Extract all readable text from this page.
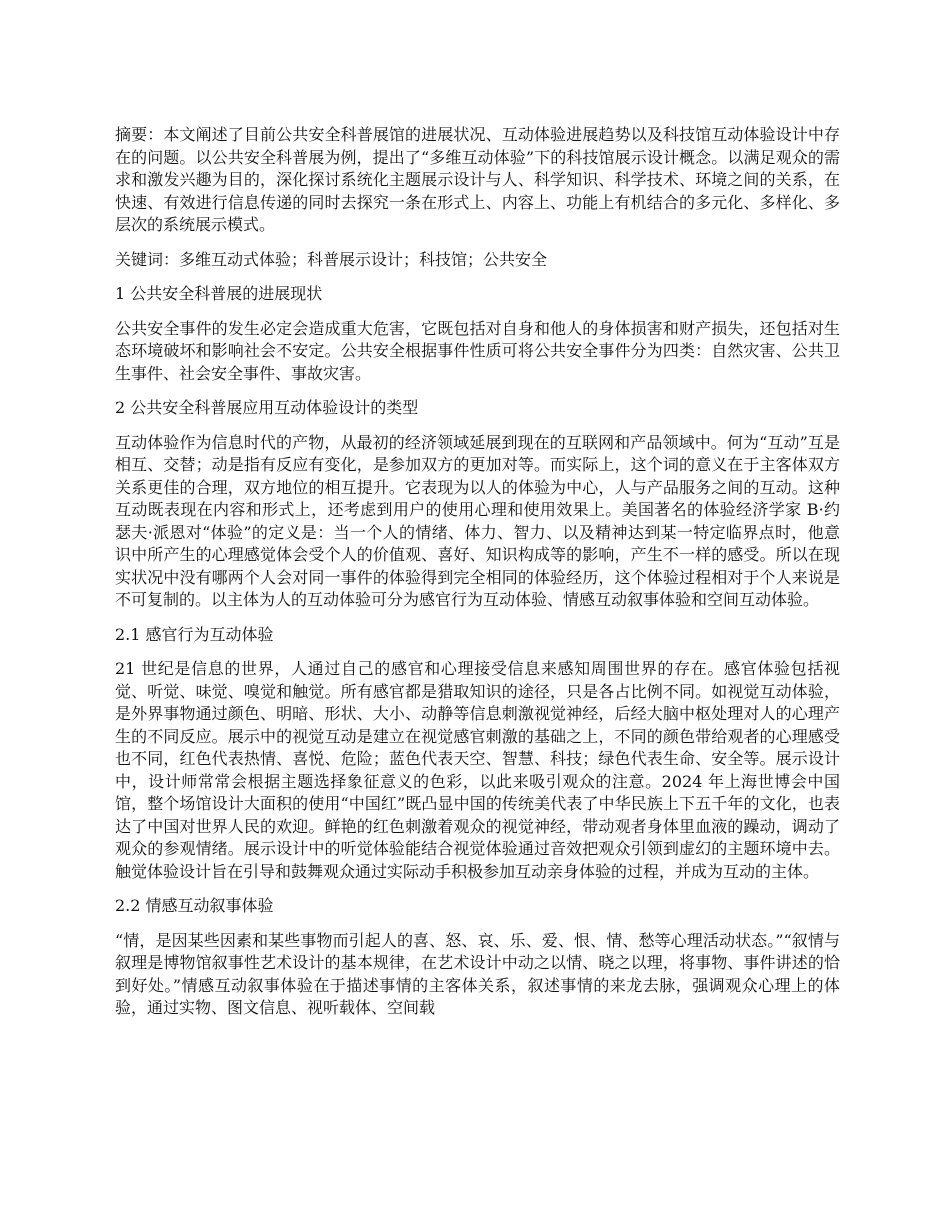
摘要：本文阐述了目前公共安全科普展馆的进展状况、互动体验进展趋势以及科技馆互动体验设计中存在的问题。以公共安全科普展为例，提出了“多维互动体验”下的科技馆展示设计概念。以满足观众的需求和激发兴趣为目的，深化探讨系统化主题展示设计与人、科学知识、科学技术、环境之间的关系，在快速、有效进行信息传递的同时去探究一条在形式上、内容上、功能上有机结合的多元化、多样化、多层次的系统展示模式。

关键词：多维互动式体验；科普展示设计；科技馆；公共安全

1 公共安全科普展的进展现状

公共安全事件的发生必定会造成重大危害，它既包括对自身和他人的身体损害和财产损失，还包括对生态环境破坏和影响社会不安定。公共安全根据事件性质可将公共安全事件分为四类：自然灾害、公共卫生事件、社会安全事件、事故灾害。

2 公共安全科普展应用互动体验设计的类型

互动体验作为信息时代的产物，从最初的经济领域延展到现在的互联网和产品领域中。何为“互动”互是相互、交替；动是指有反应有变化，是参加双方的更加对等。而实际上，这个词的意义在于主客体双方关系更佳的合理，双方地位的相互提升。它表现为以人的体验为中心，人与产品服务之间的互动。这种互动既表现在内容和形式上，还考虑到用户的使用心理和使用效果上。美国著名的体验经济学家 B·约瑟夫·派恩对“体验”的定义是：当一个人的情绪、体力、智力、以及精神达到某一特定临界点时，他意识中所产生的心理感觉体会受个人的价值观、喜好、知识构成等的影响，产生不一样的感受。所以在现实状况中没有哪两个人会对同一事件的体验得到完全相同的体验经历，这个体验过程相对于个人来说是不可复制的。以主体为人的互动体验可分为感官行为互动体验、情感互动叙事体验和空间互动体验。

2.1 感官行为互动体验

21 世纪是信息的世界，人通过自己的感官和心理接受信息来感知周围世界的存在。感官体验包括视觉、听觉、味觉、嗅觉和触觉。所有感官都是猎取知识的途径，只是各占比例不同。如视觉互动体验，是外界事物通过颜色、明暗、形状、大小、动静等信息刺激视觉神经，后经大脑中枢处理对人的心理产生的不同反应。展示中的视觉互动是建立在视觉感官刺激的基础之上，不同的颜色带给观者的心理感受也不同，红色代表热情、喜悦、危险；蓝色代表天空、智慧、科技；绿色代表生命、安全等。展示设计中，设计师常常会根据主题选择象征意义的色彩，以此来吸引观众的注意。2024 年上海世博会中国馆，整个场馆设计大面积的使用“中国红”既凸显中国的传统美代表了中华民族上下五千年的文化，也表达了中国对世界人民的欢迎。鲜艳的红色刺激着观众的视觉神经，带动观者身体里血液的躁动，调动了观众的参观情绪。展示设计中的听觉体验能结合视觉体验通过音效把观众引领到虚幻的主题环境中去。触觉体验设计旨在引导和鼓舞观众通过实际动手积极参加互动亲身体验的过程，并成为互动的主体。

2.2 情感互动叙事体验

“情，是因某些因素和某些事物而引起人的喜、怒、哀、乐、爱、恨、情、愁等心理活动状态。”“叙情与叙理是博物馆叙事性艺术设计的基本规律，在艺术设计中动之以情、晓之以理，将事物、事件讲述的恰到好处。”情感互动叙事体验在于描述事情的主客体关系，叙述事情的来龙去脉，强调观众心理上的体验，通过实物、图文信息、视听载体、空间载
